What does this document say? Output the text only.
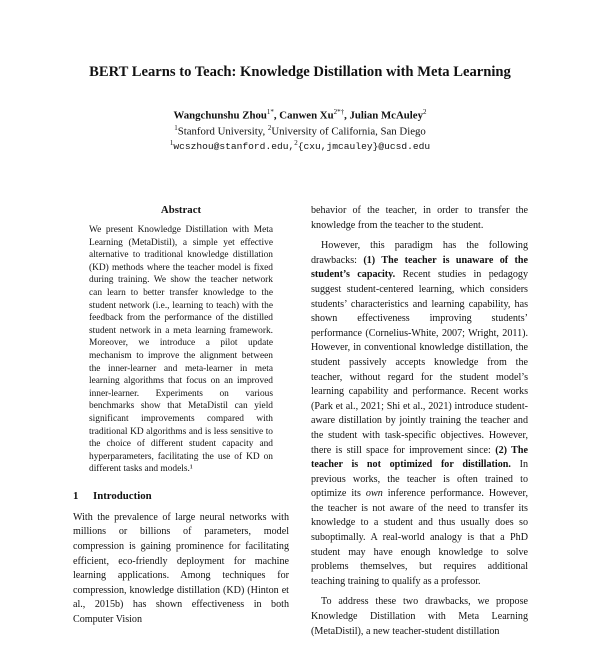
BERT Learns to Teach: Knowledge Distillation with Meta Learning
Wangchunshu Zhou$^{1*}$, Canwen $Xu^{2*\dagger}$, Julian McAuley$^2$
$^1$Stanford University, $^2$University of California, San Diego
$^1$wcszhou@stanford.edu,$^2${cxu,jmcauley}@ucsd.edu
Abstract

We present Knowledge Distillation with Meta Learning (MetaDistil), a simple yet effective alternative to traditional knowledge distillation (KD) methods where the teacher model is fixed during training. We show the teacher network can learn to better transfer knowledge to the student network (i.e., learning to teach) with the feedback from the performance of the distilled student network in a meta learning framework. Moreover, we introduce a pilot update mechanism to improve the alignment between the inner-learner and meta-learner in meta learning algorithms that focus on an improved inner-learner. Experiments on various benchmarks show that MetaDistil can yield significant improvements compared with traditional KD algorithms and is less sensitive to the choice of different student capacity and hyperparameters, facilitating the use of KD on different tasks and models.¹

1 Introduction

With the prevalence of large neural networks with millions or billions of parameters, model compression is gaining prominence for facilitating efficient, eco-friendly deployment for machine learning applications. Among techniques for compression, knowledge distillation (KD) (Hinton et al., 2015b) has shown effectiveness in both Computer Vision

behavior of the teacher, in order to transfer the knowledge from the teacher to the student.

However, this paradigm has the following drawbacks: (1) The teacher is unaware of the student’s capacity. Recent studies in pedagogy suggest student-centered learning, which considers students’ characteristics and learning capability, has shown effectiveness improving students’ performance (Cornelius-White, 2007; Wright, 2011). However, in conventional knowledge distillation, the student passively accepts knowledge from the teacher, without regard for the student model’s learning capability and performance. Recent works (Park et al., 2021; Shi et al., 2021) introduce student-aware distillation by jointly training the teacher and the student with task-specific objectives. However, there is still space for improvement since: (2) The teacher is not optimized for distillation. In previous works, the teacher is often trained to optimize its own inference performance. However, the teacher is not aware of the need to transfer its knowledge to a student and thus usually does so suboptimally. A real-world analogy is that a PhD student may have enough knowledge to solve problems themselves, but requires additional teaching training to qualify as a professor.

To address these two drawbacks, we propose Knowledge Distillation with Meta Learning (MetaDistil), a new teacher-student distillation
